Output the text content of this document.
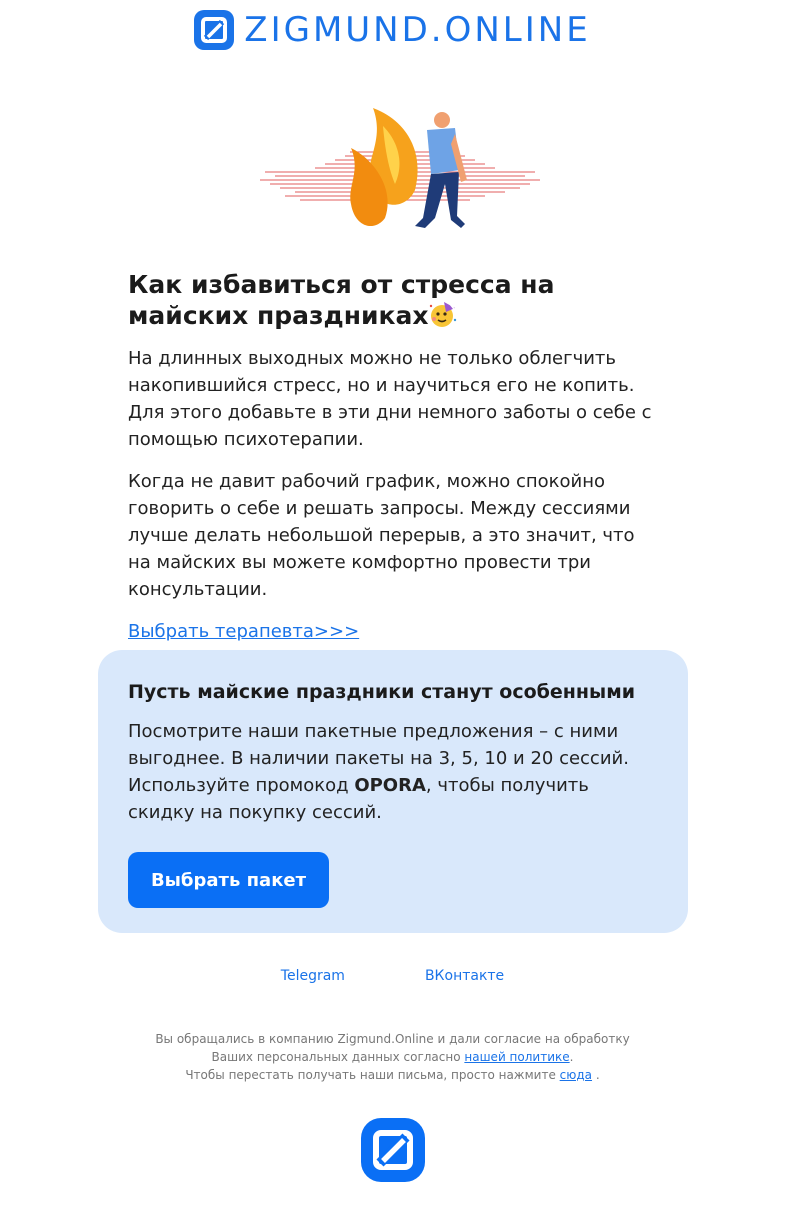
ZIGMUND.ONLINE
Как избавиться от стресса на майских праздниках

На длинных выходных можно не только облегчить накопившийся стресс, но и научиться его не копить. Для этого добавьте в эти дни немного заботы о себе с помощью психотерапии.

Когда не давит рабочий график, можно спокойно говорить о себе и решать запросы. Между сессиями лучше делать небольшой перерыв, а это значит, что на майских вы можете комфортно провести три консультации.

Выбрать терапевта>>>
Пусть майские праздники станут особенными
Посмотрите наши пакетные предложения – с ними выгоднее. В наличии пакеты на 3, 5, 10 и 20 сессий. Используйте промокод OPORA, чтобы получить скидку на покупку сессий.
Выбрать пакет
Telegram	ВКонтакте
Вы обращались в компанию Zigmund.Online и дали согласие на обработку Ваших персональных данных согласно нашей политике.
Чтобы перестать получать наши письма, просто нажмите сюда .
